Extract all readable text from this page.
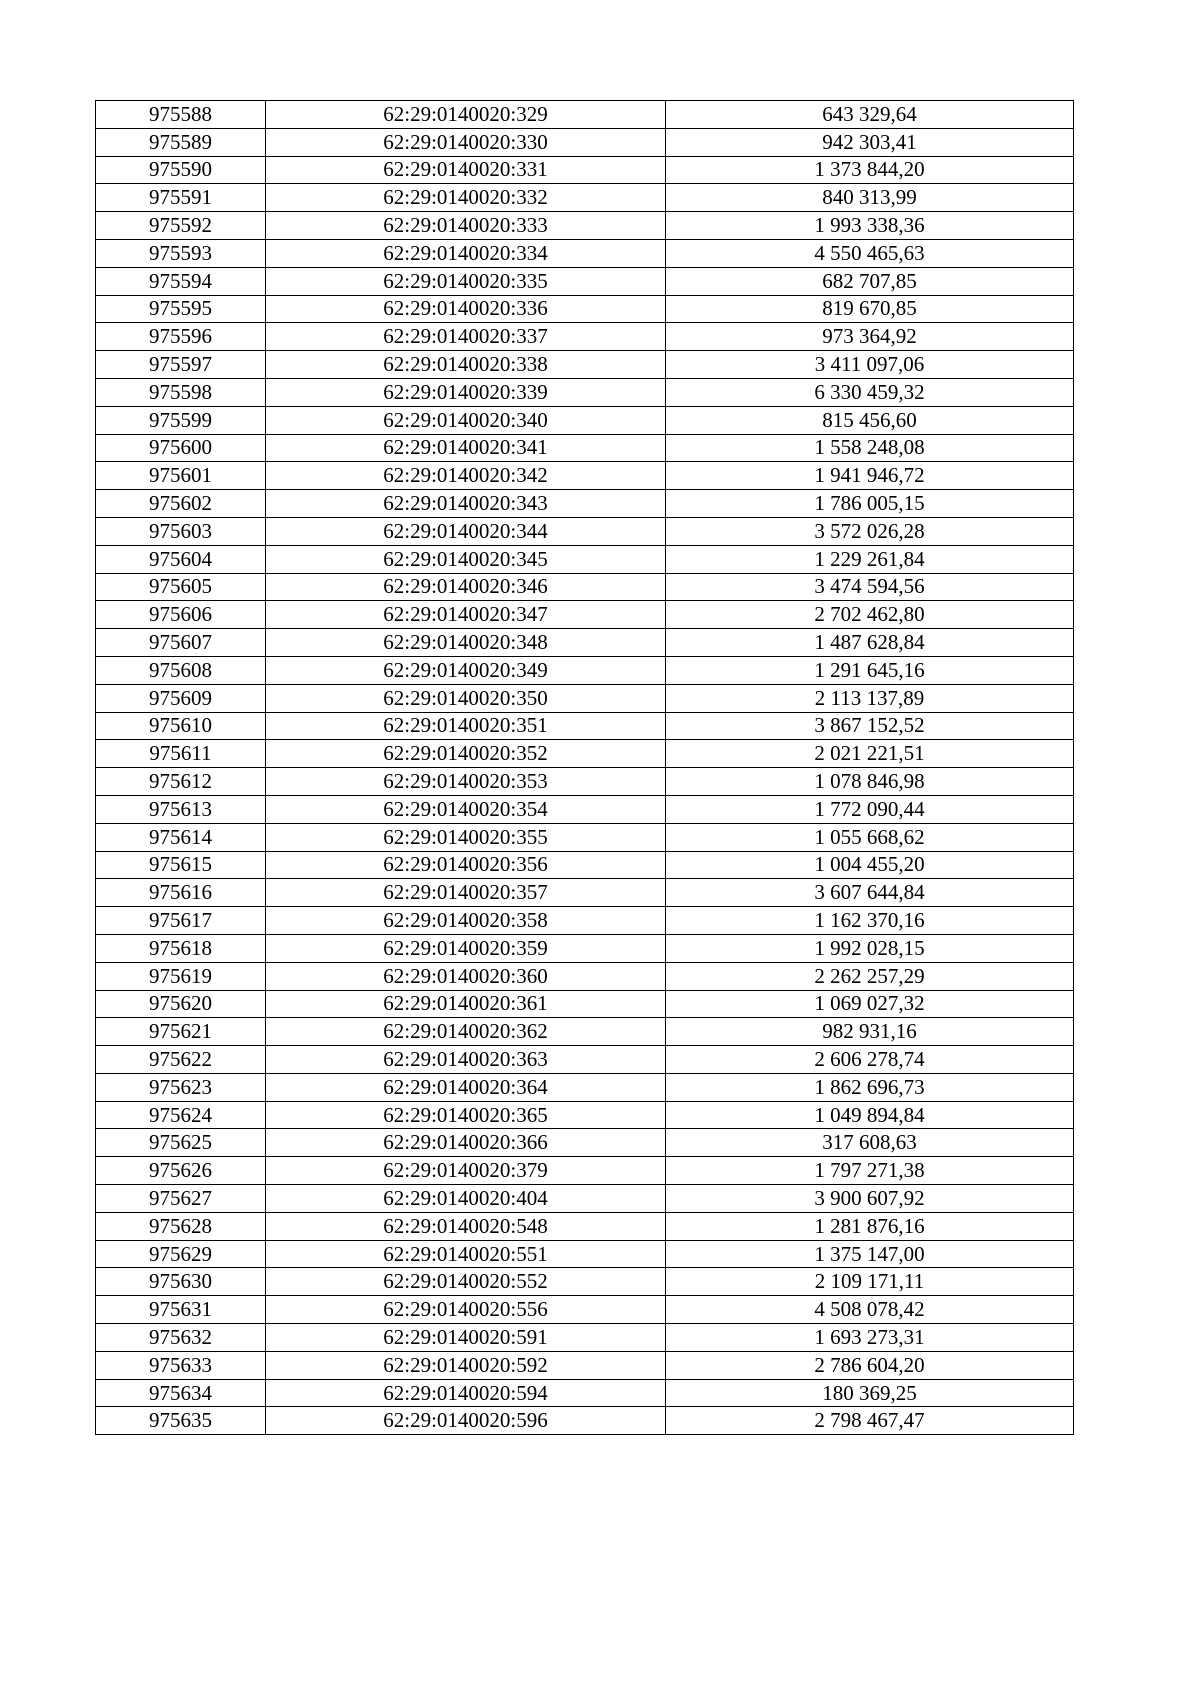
975588	62:29:0140020:329	643 329,64
975589	62:29:0140020:330	942 303,41
975590	62:29:0140020:331	1 373 844,20
975591	62:29:0140020:332	840 313,99
975592	62:29:0140020:333	1 993 338,36
975593	62:29:0140020:334	4 550 465,63
975594	62:29:0140020:335	682 707,85
975595	62:29:0140020:336	819 670,85
975596	62:29:0140020:337	973 364,92
975597	62:29:0140020:338	3 411 097,06
975598	62:29:0140020:339	6 330 459,32
975599	62:29:0140020:340	815 456,60
975600	62:29:0140020:341	1 558 248,08
975601	62:29:0140020:342	1 941 946,72
975602	62:29:0140020:343	1 786 005,15
975603	62:29:0140020:344	3 572 026,28
975604	62:29:0140020:345	1 229 261,84
975605	62:29:0140020:346	3 474 594,56
975606	62:29:0140020:347	2 702 462,80
975607	62:29:0140020:348	1 487 628,84
975608	62:29:0140020:349	1 291 645,16
975609	62:29:0140020:350	2 113 137,89
975610	62:29:0140020:351	3 867 152,52
975611	62:29:0140020:352	2 021 221,51
975612	62:29:0140020:353	1 078 846,98
975613	62:29:0140020:354	1 772 090,44
975614	62:29:0140020:355	1 055 668,62
975615	62:29:0140020:356	1 004 455,20
975616	62:29:0140020:357	3 607 644,84
975617	62:29:0140020:358	1 162 370,16
975618	62:29:0140020:359	1 992 028,15
975619	62:29:0140020:360	2 262 257,29
975620	62:29:0140020:361	1 069 027,32
975621	62:29:0140020:362	982 931,16
975622	62:29:0140020:363	2 606 278,74
975623	62:29:0140020:364	1 862 696,73
975624	62:29:0140020:365	1 049 894,84
975625	62:29:0140020:366	317 608,63
975626	62:29:0140020:379	1 797 271,38
975627	62:29:0140020:404	3 900 607,92
975628	62:29:0140020:548	1 281 876,16
975629	62:29:0140020:551	1 375 147,00
975630	62:29:0140020:552	2 109 171,11
975631	62:29:0140020:556	4 508 078,42
975632	62:29:0140020:591	1 693 273,31
975633	62:29:0140020:592	2 786 604,20
975634	62:29:0140020:594	180 369,25
975635	62:29:0140020:596	2 798 467,47
